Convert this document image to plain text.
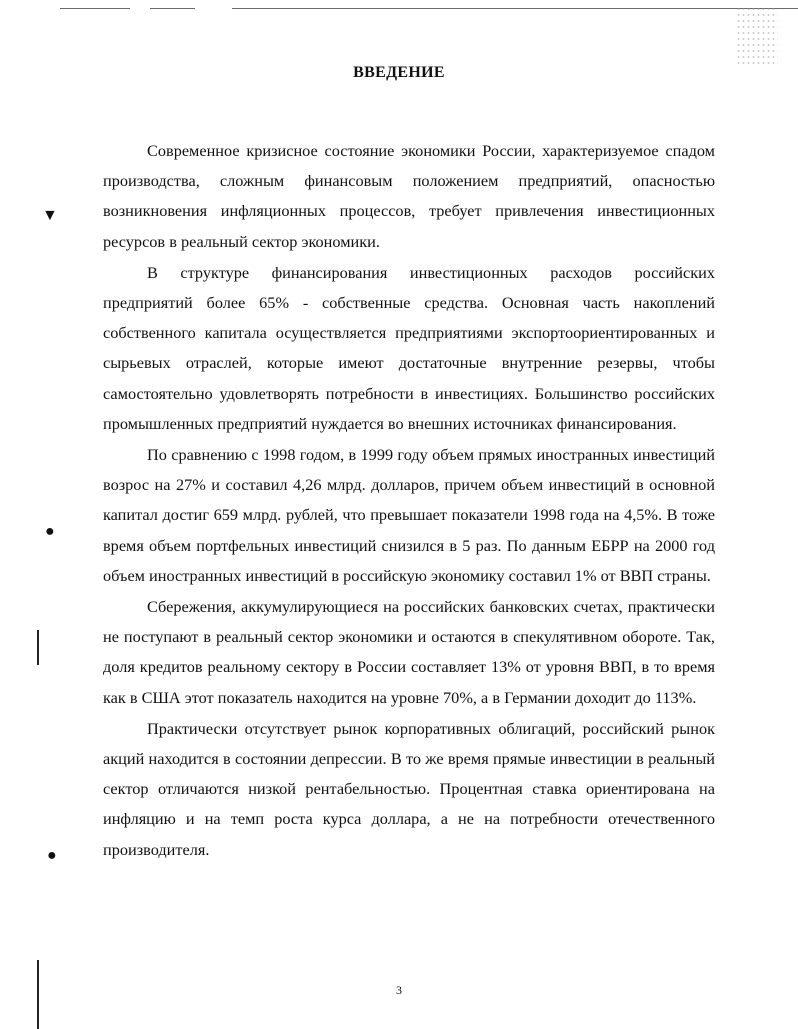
▼
●
●
ВВЕДЕНИЕ

Современное кризисное состояние экономики России, характеризуемое спадом производства, сложным финансовым положением предприятий, опасностью возникновения инфляционных процессов, требует привлечения инвестиционных ресурсов в реальный сектор экономики.

В структуре финансирования инвестиционных расходов российских предприятий более 65% - собственные средства. Основная часть накоплений собственного капитала осуществляется предприятиями экспортоориентированных и сырьевых отраслей, которые имеют достаточные внутренние резервы, чтобы самостоятельно удовлетворять потребности в инвестициях. Большинство российских промышленных предприятий нуждается во внешних источниках финансирования.

По сравнению с 1998 годом, в 1999 году объем прямых иностранных инвестиций возрос на 27% и составил 4,26 млрд. долларов, причем объем инвестиций в основной капитал достиг 659 млрд. рублей, что превышает показатели 1998 года на 4,5%. В тоже время объем портфельных инвестиций снизился в 5 раз. По данным ЕБРР на 2000 год объем иностранных инвестиций в российскую экономику составил 1% от ВВП страны.

Сбережения, аккумулирующиеся на российских банковских счетах, практически не поступают в реальный сектор экономики и остаются в спекулятивном обороте. Так, доля кредитов реальному сектору в России составляет 13% от уровня ВВП, в то время как в США этот показатель находится на уровне 70%, а в Германии доходит до 113%.

Практически отсутствует рынок корпоративных облигаций, российский рынок акций находится в состоянии депрессии. В то же время прямые инвестиции в реальный сектор отличаются низкой рентабельностью. Процентная ставка ориентирована на инфляцию и на темп роста курса доллара, а не на потребности отечественного производителя.

3
